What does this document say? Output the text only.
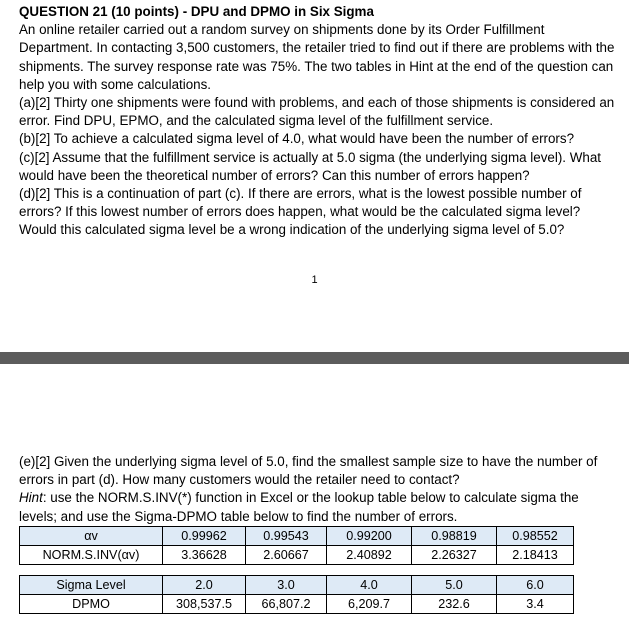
QUESTION 21 (10 points) - DPU and DPMO in Six Sigma
An online retailer carried out a random survey on shipments done by its Order Fulfillment Department. In contacting 3,500 customers, the retailer tried to find out if there are problems with the shipments. The survey response rate was 75%. The two tables in Hint at the end of the question can help you with some calculations.
(a)[2] Thirty one shipments were found with problems, and each of those shipments is considered an error. Find DPU, EPMO, and the calculated sigma level of the fulfillment service.
(b)[2] To achieve a calculated sigma level of 4.0, what would have been the number of errors?
(c)[2] Assume that the fulfillment service is actually at 5.0 sigma (the underlying sigma level). What would have been the theoretical number of errors? Can this number of errors happen?
(d)[2] This is a continuation of part (c). If there are errors, what is the lowest possible number of errors? If this lowest number of errors does happen, what would be the calculated sigma level? Would this calculated sigma level be a wrong indication of the underlying sigma level of 5.0?
1
(e)[2] Given the underlying sigma level of 5.0, find the smallest sample size to have the number of errors in part (d). How many customers would the retailer need to contact?
Hint: use the NORM.S.INV(*) function in Excel or the lookup table below to calculate sigma the levels; and use the Sigma-DPMO table below to find the number of errors.
αv	0.99962	0.99543	0.99200	0.98819	0.98552
NORM.S.INV(αv)	3.36628	2.60667	2.40892	2.26327	2.18413
Sigma Level	2.0	3.0	4.0	5.0	6.0
DPMO	308,537.5	66,807.2	6,209.7	232.6	3.4
